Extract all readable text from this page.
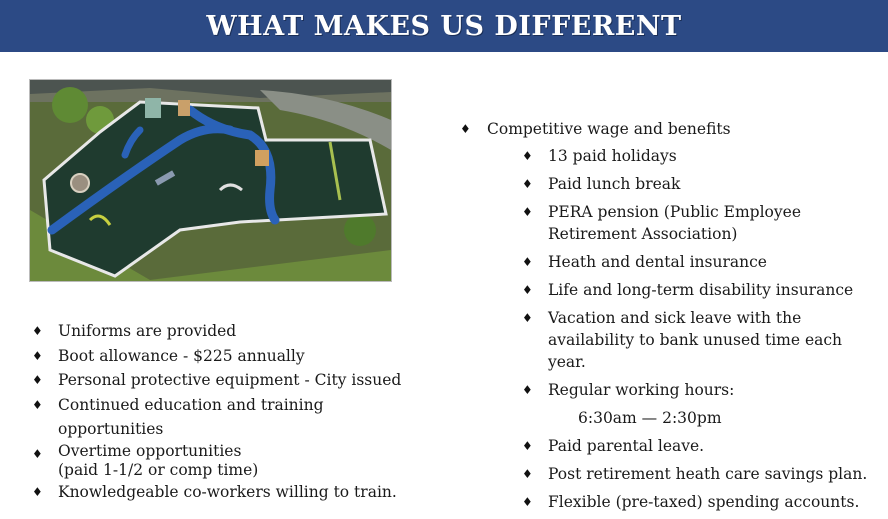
WHAT MAKES US DIFFERENT
♦ Uniforms are provided
♦ Boot allowance - $225 annually
♦ Personal protective equipment - City issued
♦ Continued education and training opportunities
♦ Overtime opportunities
(paid 1-1/2 or comp time)
♦ Knowledgeable co-workers willing to train.
♦ Competitive wage and benefits
♦ 13 paid holidays
♦ Paid lunch break
♦ PERA pension (Public Employee Retirement Association)
♦ Heath and dental insurance
♦ Life and long-term disability insurance
♦ Vacation and sick leave with the availability to bank unused time each year.
♦ Regular working hours:
6:30am — 2:30pm
♦ Paid parental leave.
♦ Post retirement heath care savings plan.
♦ Flexible (pre-taxed) spending accounts.
